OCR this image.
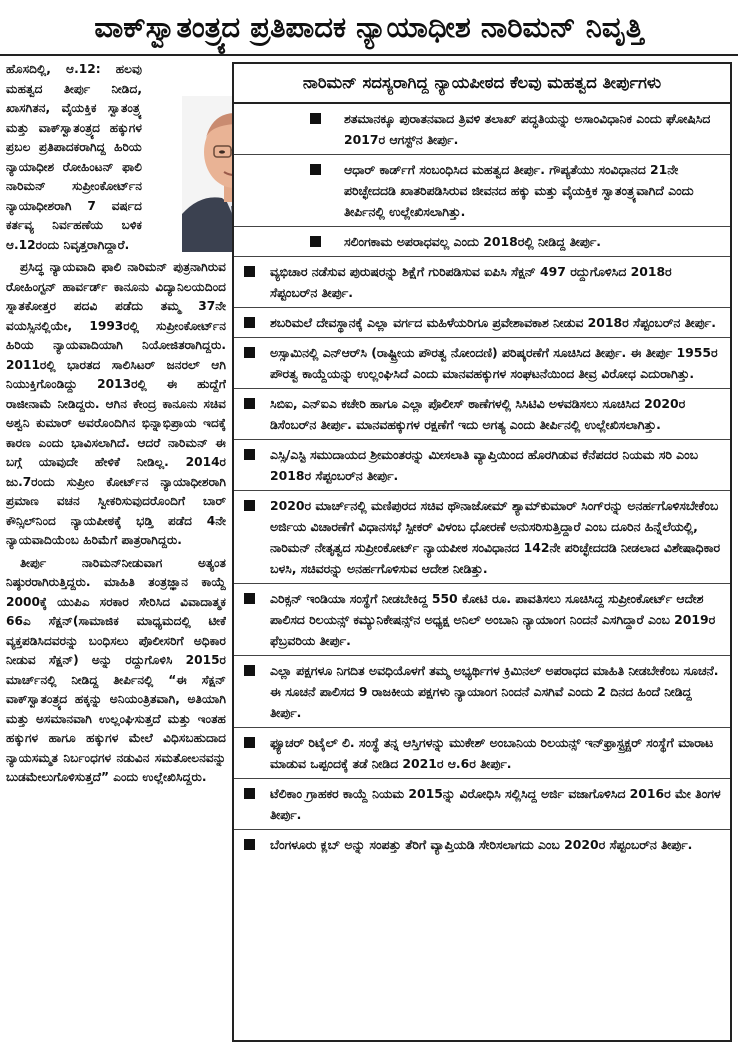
ವಾಕ್‌ಸ್ವಾತಂತ್ರ್ಯದ ಪ್ರತಿಪಾದಕ ನ್ಯಾಯಾಧೀಶ ನಾರಿಮನ್ ನಿವೃತ್ತಿ

ಹೊಸದಿಲ್ಲಿ, ಆ.12: ಹಲವು ಮಹತ್ವದ ತೀರ್ಪು ನೀಡಿದ, ಖಾಸಗಿತನ, ವೈಯಕ್ತಿಕ ಸ್ವಾತಂತ್ರ್ಯ ಮತ್ತು ವಾಕ್‌ಸ್ವಾತಂತ್ರ್ಯದ ಹಕ್ಕುಗಳ ಪ್ರಬಲ ಪ್ರತಿಪಾದಕರಾಗಿದ್ದ ಹಿರಿಯ ನ್ಯಾಯಾಧೀಶ ರೋಹಿಂಟನ್ ಫಾಲಿ ನಾರಿಮನ್ ಸುಪ್ರೀಂಕೋರ್ಟ್‌ನ ನ್ಯಾಯಾಧೀಶರಾಗಿ 7 ವರ್ಷದ ಕರ್ತವ್ಯ ನಿರ್ವಹಣೆಯ ಬಳಿಕ ಆ.12ರಂದು ನಿವೃತ್ತರಾಗಿದ್ದಾರೆ.

ಪ್ರಸಿದ್ಧ ನ್ಯಾಯವಾದಿ ಫಾಲಿ ನಾರಿಮನ್ ಪುತ್ರನಾಗಿರುವ ರೋಹಿಂಗ್ಟನ್ ಹಾರ್ವರ್ಡ್ ಕಾನೂನು ವಿದ್ಯಾನಿಲಯದಿಂದ ಸ್ನಾತಕೋತ್ತರ ಪದವಿ ಪಡೆದು ತಮ್ಮ 37ನೇ ವಯಸ್ಸಿನಲ್ಲಿಯೇ, 1993ರಲ್ಲಿ ಸುಪ್ರೀಂಕೋರ್ಟ್‌ನ ಹಿರಿಯ ನ್ಯಾಯವಾದಿಯಾಗಿ ನಿಯೋಜಿತರಾಗಿದ್ದರು. 2011ರಲ್ಲಿ ಭಾರತದ ಸಾಲಿಸಿಟರ್ ಜನರಲ್ ಆಗಿ ನಿಯುಕ್ತಿಗೊಂಡಿದ್ದು 2013ರಲ್ಲಿ ಈ ಹುದ್ದೆಗೆ ರಾಜೀನಾಮೆ ನೀಡಿದ್ದರು. ಆಗಿನ ಕೇಂದ್ರ ಕಾನೂನು ಸಚಿವ ಅಶ್ವನಿ ಕುಮಾರ್ ಅವರೊಂದಿಗಿನ ಭಿನ್ನಾಭಿಪ್ರಾಯ ಇದಕ್ಕೆ ಕಾರಣ ಎಂದು ಭಾವಿಸಲಾಗಿದೆ. ಆದರೆ ನಾರಿಮನ್ ಈ ಬಗ್ಗೆ ಯಾವುದೇ ಹೇಳಿಕೆ ನೀಡಿಲ್ಲ. 2014ರ ಜು.7ರಂದು ಸುಪ್ರೀಂ ಕೋರ್ಟ್‌ನ ನ್ಯಾಯಾಧೀಶರಾಗಿ ಪ್ರಮಾಣ ವಚನ ಸ್ವೀಕರಿಸುವುದರೊಂದಿಗೆ ಬಾರ್ ಕೌನ್ಸಿಲ್‌ನಿಂದ ನ್ಯಾಯಪೀಠಕ್ಕೆ ಭಡ್ತಿ ಪಡೆದ 4ನೇ ನ್ಯಾಯವಾದಿಯೆಂಬ ಹಿರಿಮೆಗೆ ಪಾತ್ರರಾಗಿದ್ದರು.

ತೀರ್ಪು ನಾರಿಮನ್‌ನೀಡುವಾಗ ಅತ್ಯಂತ ನಿಷ್ಠುರರಾಗಿರುತ್ತಿದ್ದರು. ಮಾಹಿತಿ ತಂತ್ರಜ್ಞಾನ ಕಾಯ್ದೆ 2000ಕ್ಕೆ ಯುಪಿಎ ಸರಕಾರ ಸೇರಿಸಿದ ವಿವಾದಾತ್ಮಕ 66ಎ ಸೆಕ್ಷನ್(ಸಾಮಾಜಿಕ ಮಾಧ್ಯಮದಲ್ಲಿ ಟೀಕೆ ವ್ಯಕ್ತಪಡಿಸಿದವರನ್ನು ಬಂಧಿಸಲು ಪೊಲೀಸರಿಗೆ ಅಧಿಕಾರ ನೀಡುವ ಸೆಕ್ಷನ್) ಅನ್ನು ರದ್ದುಗೊಳಿಸಿ 2015ರ ಮಾರ್ಚ್‌ನಲ್ಲಿ ನೀಡಿದ್ದ ತೀರ್ಪಿನಲ್ಲಿ “ಈ ಸೆಕ್ಷನ್ ವಾಕ್‌ಸ್ವಾತಂತ್ರ್ಯದ ಹಕ್ಕನ್ನು ಅನಿಯಂತ್ರಿತವಾಗಿ, ಅತಿಯಾಗಿ ಮತ್ತು ಅಸಮಾನವಾಗಿ ಉಲ್ಲಂಘಿಸುತ್ತದೆ ಮತ್ತು ಇಂತಹ ಹಕ್ಕುಗಳ ಹಾಗೂ ಹಕ್ಕುಗಳ ಮೇಲೆ ವಿಧಿಸಬಹುದಾದ ನ್ಯಾಯಸಮ್ಮತ ನಿರ್ಬಂಧಗಳ ನಡುವಿನ ಸಮತೋಲನವನ್ನು ಬುಡಮೇಲುಗೊಳಿಸುತ್ತದೆ” ಎಂದು ಉಲ್ಲೇಖಿಸಿದ್ದರು.

ನಾರಿಮನ್ ಸದಸ್ಯರಾಗಿದ್ದ ನ್ಯಾಯಪೀಠದ ಕೆಲವು ಮಹತ್ವದ ತೀರ್ಪುಗಳು
ಶತಮಾನಕ್ಕೂ ಪುರಾತನವಾದ ತ್ರಿವಳಿ ತಲಾಖ್ ಪದ್ಧತಿಯನ್ನು ಅಸಾಂವಿಧಾನಿಕ ಎಂದು ಘೋಷಿಸಿದ 2017ರ ಆಗಸ್ಟ್‌ನ ತೀರ್ಪು.
ಆಧಾರ್ ಕಾರ್ಡ್‌ಗೆ ಸಂಬಂಧಿಸಿದ ಮಹತ್ವದ ತೀರ್ಪು. ಗೌಪ್ಯತೆಯು ಸಂವಿಧಾನದ 21ನೇ ಪರಿಚ್ಛೇದದಡಿ ಖಾತರಿಪಡಿಸಿರುವ ಜೀವನದ ಹಕ್ಕು ಮತ್ತು ವೈಯಕ್ತಿಕ ಸ್ವಾತಂತ್ರ್ಯವಾಗಿದೆ ಎಂದು ತೀರ್ಪಿನಲ್ಲಿ ಉಲ್ಲೇಖಿಸಲಾಗಿತ್ತು.
ಸಲಿಂಗಕಾಮ ಅಪರಾಧವಲ್ಲ ಎಂದು 2018ರಲ್ಲಿ ನೀಡಿದ್ದ ತೀರ್ಪು.
ವ್ಯಭಿಚಾರ ನಡೆಸುವ ಪುರುಷರನ್ನು ಶಿಕ್ಷೆಗೆ ಗುರಿಪಡಿಸುವ ಐಪಿಸಿ ಸೆಕ್ಷನ್ 497 ರದ್ದುಗೊಳಿಸಿದ 2018ರ ಸೆಪ್ಟಂಬರ್‌ನ ತೀರ್ಪು.
ಶಬರಿಮಲೆ ದೇವಸ್ಥಾನಕ್ಕೆ ಎಲ್ಲಾ ವರ್ಗದ ಮಹಿಳೆಯರಿಗೂ ಪ್ರವೇಶಾವಕಾಶ ನೀಡುವ 2018ರ ಸೆಪ್ಟಂಬರ್‌ನ ತೀರ್ಪು.
ಅಸ್ಸಾಮಿನಲ್ಲಿ ಎನ್‌ಆರ್‌ಸಿ (ರಾಷ್ಟ್ರೀಯ ಪೌರತ್ವ ನೋಂದಣಿ) ಪರಿಷ್ಕರಣೆಗೆ ಸೂಚಿಸಿದ ತೀರ್ಪು. ಈ ತೀರ್ಪು 1955ರ ಪೌರತ್ವ ಕಾಯ್ದೆಯನ್ನು ಉಲ್ಲಂಘಿಸಿದೆ ಎಂದು ಮಾನವಹಕ್ಕುಗಳ ಸಂಘಟನೆಯಿಂದ ತೀವ್ರ ವಿರೋಧ ಎದುರಾಗಿತ್ತು.
ಸಿಬಿಐ, ಎನ್‌ಐಎ ಕಚೇರಿ ಹಾಗೂ ಎಲ್ಲಾ ಪೊಲೀಸ್ ಠಾಣೆಗಳಲ್ಲಿ ಸಿಸಿಟಿವಿ ಅಳವಡಿಸಲು ಸೂಚಿಸಿದ 2020ರ ಡಿಸೆಂಬರ್‌ನ ತೀರ್ಪು. ಮಾನವಹಕ್ಕುಗಳ ರಕ್ಷಣೆಗೆ ಇದು ಅಗತ್ಯ ಎಂದು ತೀರ್ಪಿನಲ್ಲಿ ಉಲ್ಲೇಖಿಸಲಾಗಿತ್ತು.
ಎಸ್ಸಿ/ಎಸ್ಟಿ ಸಮುದಾಯದ ಶ್ರೀಮಂತರನ್ನು ಮೀಸಲಾತಿ ವ್ಯಾಪ್ತಿಯಿಂದ ಹೊರಗಿಡುವ ಕೆನೆಪದರ ನಿಯಮ ಸರಿ ಎಂಬ 2018ರ ಸೆಪ್ಟಂಬರ್‌ನ ತೀರ್ಪು.
2020ರ ಮಾರ್ಚ್‌ನಲ್ಲಿ ಮಣಿಪುರದ ಸಚಿವ ಥೌನಾಜೋಮ್ ಶ್ಯಾಮ್‌ಕುಮಾರ್ ಸಿಂಗ್‌ರನ್ನು ಅನರ್ಹಗೊಳಿಸಬೇಕೆಂಬ ಅರ್ಜಿಯ ವಿಚಾರಣೆಗೆ ವಿಧಾನಸಭೆ ಸ್ಪೀಕರ್ ವಿಳಂಬ ಧೋರಣೆ ಅನುಸರಿಸುತ್ತಿದ್ದಾರೆ ಎಂಬ ದೂರಿನ ಹಿನ್ನೆಲೆಯಲ್ಲಿ, ನಾರಿಮನ್ ನೇತೃತ್ವದ ಸುಪ್ರೀಂಕೋರ್ಟ್ ನ್ಯಾಯಪೀಠ ಸಂವಿಧಾನದ 142ನೇ ಪರಿಚ್ಛೇದದಡಿ ನೀಡಲಾದ ವಿಶೇಷಾಧಿಕಾರ ಬಳಸಿ, ಸಚಿವರನ್ನು ಅನರ್ಹಗೊಳಿಸುವ ಆದೇಶ ನೀಡಿತ್ತು.
ಎರಿಕ್ಸನ್ ಇಂಡಿಯಾ ಸಂಸ್ಥೆಗೆ ನೀಡಬೇಕಿದ್ದ 550 ಕೋಟಿ ರೂ. ಪಾವತಿಸಲು ಸೂಚಿಸಿದ್ದ ಸುಪ್ರೀಂಕೋರ್ಟ್ ಆದೇಶ ಪಾಲಿಸದ ರಿಲಯನ್ಸ್ ಕಮ್ಯುನಿಕೇಷನ್ಸ್‌ನ ಅಧ್ಯಕ್ಷ ಅನಿಲ್ ಅಂಬಾನಿ ನ್ಯಾಯಾಂಗ ನಿಂದನೆ ಎಸಗಿದ್ದಾರೆ ಎಂಬ 2019ರ ಫೆಬ್ರವರಿಯ ತೀರ್ಪು.
ಎಲ್ಲಾ ಪಕ್ಷಗಳೂ ನಿಗದಿತ ಅವಧಿಯೊಳಗೆ ತಮ್ಮ ಅಭ್ಯರ್ಥಿಗಳ ಕ್ರಿಮಿನಲ್ ಅಪರಾಧದ ಮಾಹಿತಿ ನೀಡಬೇಕೆಂಬ ಸೂಚನೆ. ಈ ಸೂಚನೆ ಪಾಲಿಸದ 9 ರಾಜಕೀಯ ಪಕ್ಷಗಳು ನ್ಯಾಯಾಂಗ ನಿಂದನೆ ಎಸಗಿವೆ ಎಂದು 2 ದಿನದ ಹಿಂದೆ ನೀಡಿದ್ದ ತೀರ್ಪು.
ಫ್ಯೂಚರ್ ರಿಟೈಲ್ ಲಿ. ಸಂಸ್ಥೆ ತನ್ನ ಆಸ್ತಿಗಳನ್ನು ಮುಕೇಶ್ ಅಂಬಾನಿಯ ರಿಲಯನ್ಸ್ ಇನ್‌ಫ್ರಾಸ್ಟ್ರಕ್ಚರ್ ಸಂಸ್ಥೆಗೆ ಮಾರಾಟ ಮಾಡುವ ಒಪ್ಪಂದಕ್ಕೆ ತಡೆ ನೀಡಿದ 2021ರ ಆ.6ರ ತೀರ್ಪು.
ಟೆಲಿಕಾಂ ಗ್ರಾಹಕರ ಕಾಯ್ದೆ ನಿಯಮ 2015ನ್ನು ವಿರೋಧಿಸಿ ಸಲ್ಲಿಸಿದ್ದ ಅರ್ಜಿ ವಜಾಗೊಳಿಸಿದ 2016ರ ಮೇ ತಿಂಗಳ ತೀರ್ಪು.
ಬೆಂಗಳೂರು ಕ್ಲಬ್ ಅನ್ನು ಸಂಪತ್ತು ತೆರಿಗೆ ವ್ಯಾಪ್ತಿಯಡಿ ಸೇರಿಸಲಾಗದು ಎಂಬ 2020ರ ಸೆಪ್ಟಂಬರ್‌ನ ತೀರ್ಪು.
